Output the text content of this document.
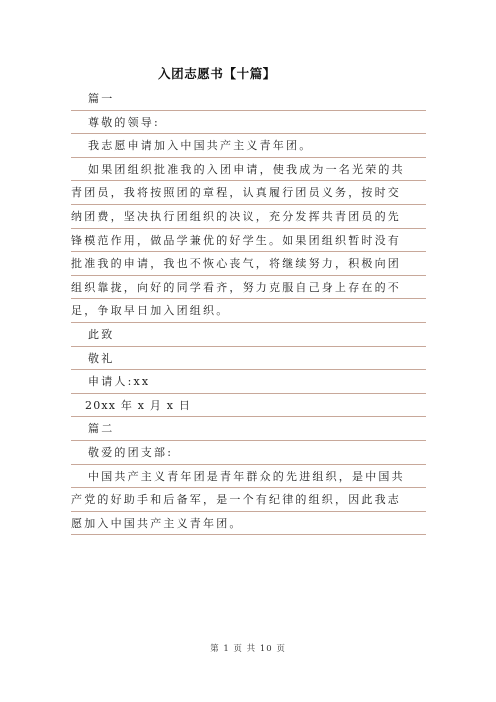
入团志愿书【十篇】
篇一
尊敬的领导:
我志愿申请加入中国共产主义青年团。
如果团组织批准我的入团申请，使我成为一名光荣的共
青团员，我将按照团的章程，认真履行团员义务，按时交
纳团费，坚决执行团组织的决议，充分发挥共青团员的先
锋模范作用，做品学兼优的好学生。如果团组织暂时没有
批准我的申请，我也不恢心丧气，将继续努力，积极向团
组织靠拢，向好的同学看齐，努力克服自己身上存在的不
足，争取早日加入团组织。
此致
敬礼
申请人:xx
20xx 年 x 月 x 日
篇二
敬爱的团支部:
中国共产主义青年团是青年群众的先进组织，是中国共
产党的好助手和后备军，是一个有纪律的组织，因此我志
愿加入中国共产主义青年团。
第 1 页 共 10 页
